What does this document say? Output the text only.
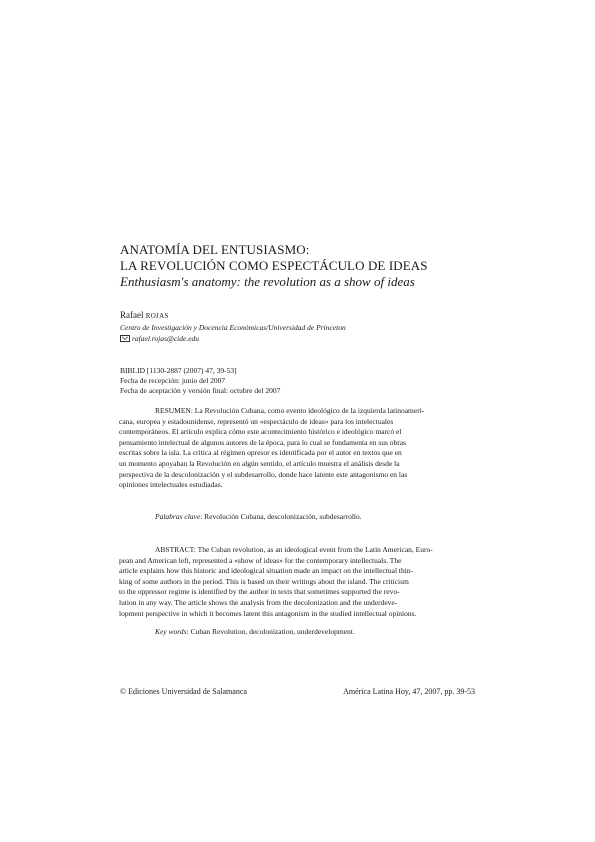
ANATOMÍA DEL ENTUSIASMO:
LA REVOLUCIÓN COMO ESPECTÁCULO DE IDEAS
Enthusiasm's anatomy: the revolution as a show of ideas
Rafael ROJAS
Centro de Investigación y Docencia Económicas/Universidad de Princeton
rafael.rojas@cide.edu
BIBLID [1130-2887 (2007) 47, 39-53]
Fecha de recepción: junio del 2007
Fecha de aceptación y versión final: octubre del 2007

RESUMEN: La Revolución Cubana, como evento ideológico de la izquierda latinoameri-

cana, europea y estadounidense, representó un «espectáculo de ideas» para los intelectuales

contemporáneos. El artículo explica cómo este acontecimiento histórico e ideológico marcó el

pensamiento intelectual de algunos autores de la época, para lo cual se fundamenta en sus obras

escritas sobre la isla. La crítica al régimen opresor es identificada por el autor en textos que en

un momento apoyaban la Revolución en algún sentido, el artículo muestra el análisis desde la

perspectiva de la descolonización y el subdesarrollo, donde hace latente este antagonismo en las

opiniones intelectuales estudiadas.

Palabras clave: Revolución Cubana, descolonización, subdesarrollo.

ABSTRACT: The Cuban revolution, as an ideological event from the Latin American, Euro-

pean and American left, represented a «show of ideas» for the contemporary intellectuals. The

article explains how this historic and ideological situation made an impact on the intellectual thin-

king of some authors in the period. This is based on their writings about the island. The criticism

to the oppressor regime is identified by the author in texts that sometimes supported the revo-

lution in any way. The article shows the analysis from the decolonization and the underdeve-

lopment perspective in which it becomes latent this antagonism in the studied intellectual opinions.

Key words: Cuban Revolution, decolonization, underdevelopment.
© Ediciones Universidad de Salamanca	América Latina Hoy, 47, 2007, pp. 39-53
